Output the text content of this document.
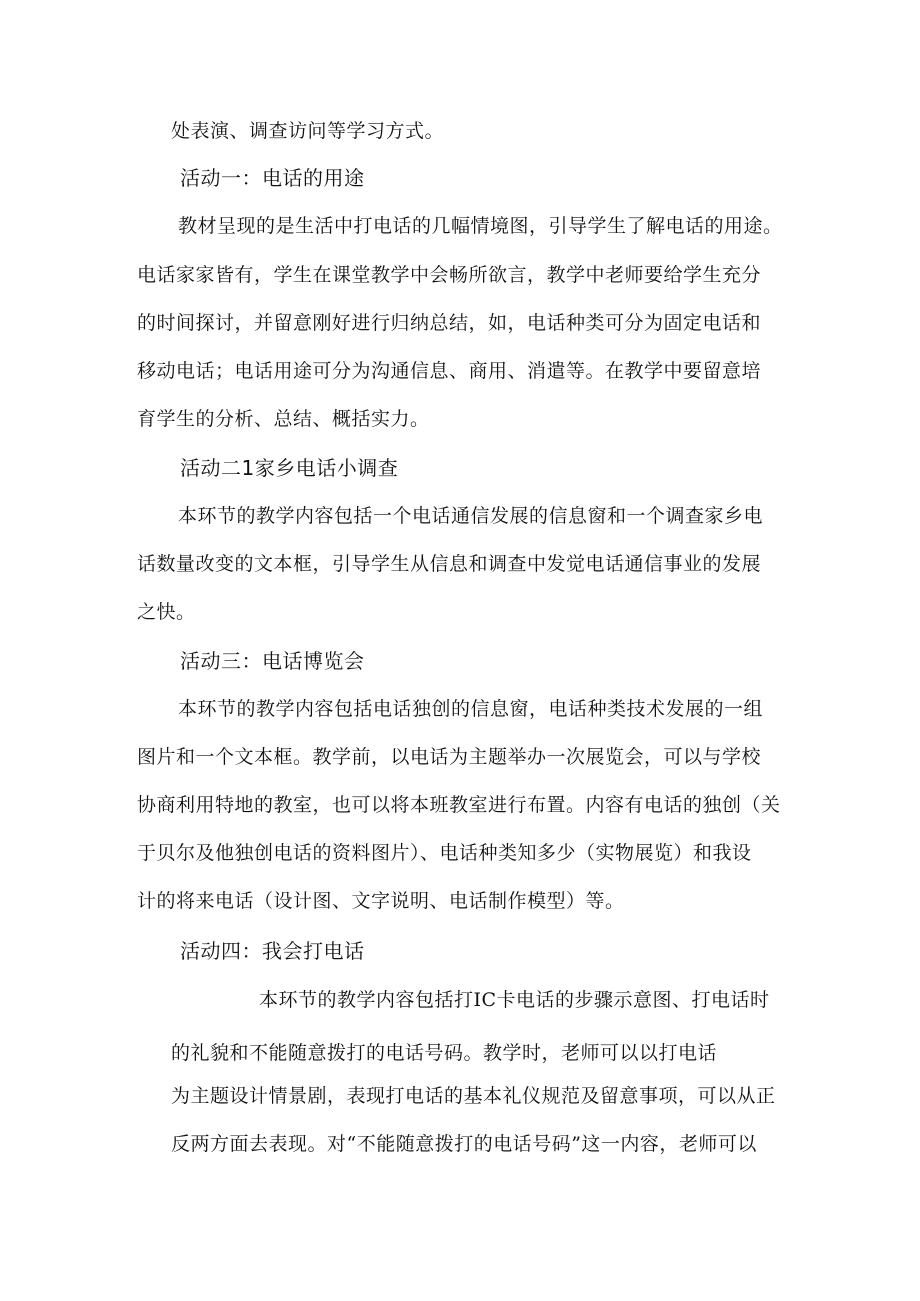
处表演、调查访问等学习方式。
活动一：电话的用途
教材呈现的是生活中打电话的几幅情境图，引导学生了解电话的用途。
电话家家皆有，学生在课堂教学中会畅所欲言，教学中老师要给学生充分
的时间探讨，并留意刚好进行归纳总结，如，电话种类可分为固定电话和
移动电话；电话用途可分为沟通信息、商用、消遣等。在教学中要留意培
育学生的分析、总结、概括实力。
活动二1家乡电话小调查
本环节的教学内容包括一个电话通信发展的信息窗和一个调查家乡电
话数量改变的文本框，引导学生从信息和调查中发觉电话通信事业的发展
之快。
活动三：电话博览会
本环节的教学内容包括电话独创的信息窗，电话种类技术发展的一组
图片和一个文本框。教学前，以电话为主题举办一次展览会，可以与学校
协商利用特地的教室，也可以将本班教室进行布置。内容有电话的独创（关
于贝尔及他独创电话的资料图片）、电话种类知多少（实物展览）和我设
计的将来电话（设计图、文字说明、电话制作模型）等。
活动四：我会打电话
本环节的教学内容包括打IC卡电话的步骤示意图、打电话时
的礼貌和不能随意拨打的电话号码。教学时，老师可以以打电话
为主题设计情景剧，表现打电话的基本礼仪规范及留意事项，可以从正
反两方面去表现。对“不能随意拨打的电话号码”这一内容，老师可以
